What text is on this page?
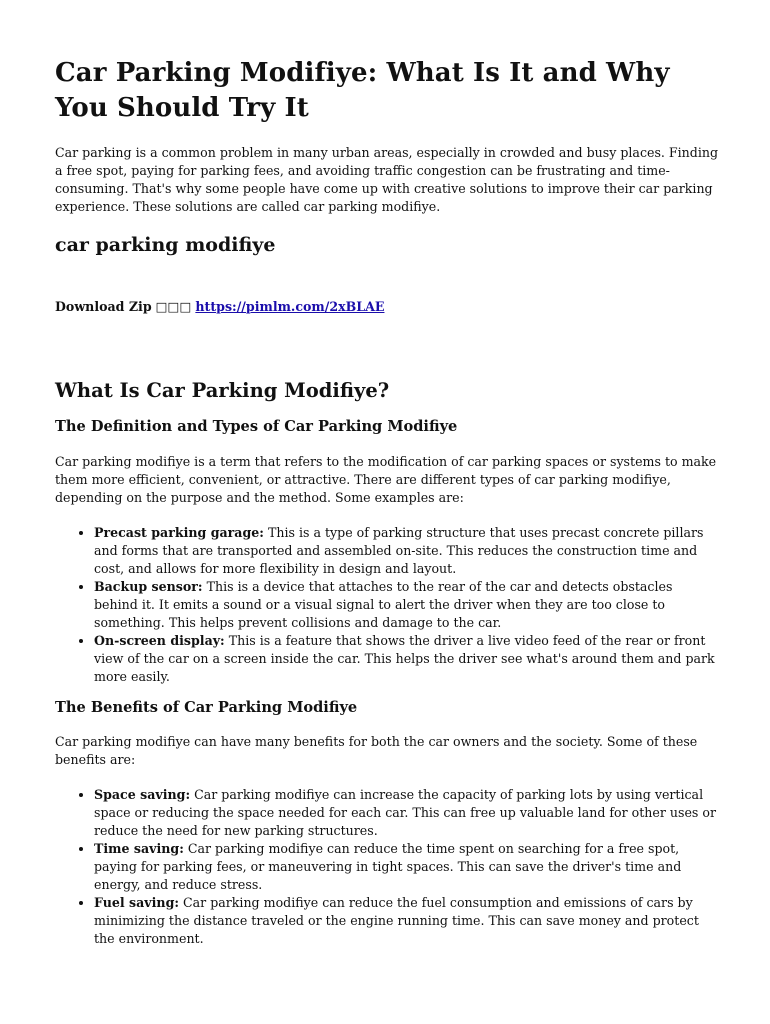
Car Parking Modifiye: What Is It and Why You Should Try It

Car parking is a common problem in many urban areas, especially in crowded and busy places. Finding a free spot, paying for parking fees, and avoiding traffic congestion can be frustrating and time-consuming. That's why some people have come up with creative solutions to improve their car parking experience. These solutions are called car parking modifiye.

car parking modifiye
Download Zip □□□ https://pimlm.com/2xBLAE
What Is Car Parking Modifiye?
The Definition and Types of Car Parking Modifiye

Car parking modifiye is a term that refers to the modification of car parking spaces or systems to make them more efficient, convenient, or attractive. There are different types of car parking modifiye, depending on the purpose and the method. Some examples are:

• Precast parking garage: This is a type of parking structure that uses precast concrete pillars and forms that are transported and assembled on-site. This reduces the construction time and cost, and allows for more flexibility in design and layout.
• Backup sensor: This is a device that attaches to the rear of the car and detects obstacles behind it. It emits a sound or a visual signal to alert the driver when they are too close to something. This helps prevent collisions and damage to the car.
• On-screen display: This is a feature that shows the driver a live video feed of the rear or front view of the car on a screen inside the car. This helps the driver see what's around them and park more easily.
The Benefits of Car Parking Modifiye

Car parking modifiye can have many benefits for both the car owners and the society. Some of these benefits are:

• Space saving: Car parking modifiye can increase the capacity of parking lots by using vertical space or reducing the space needed for each car. This can free up valuable land for other uses or reduce the need for new parking structures.
• Time saving: Car parking modifiye can reduce the time spent on searching for a free spot, paying for parking fees, or maneuvering in tight spaces. This can save the driver's time and energy, and reduce stress.
• Fuel saving: Car parking modifiye can reduce the fuel consumption and emissions of cars by minimizing the distance traveled or the engine running time. This can save money and protect the environment.
